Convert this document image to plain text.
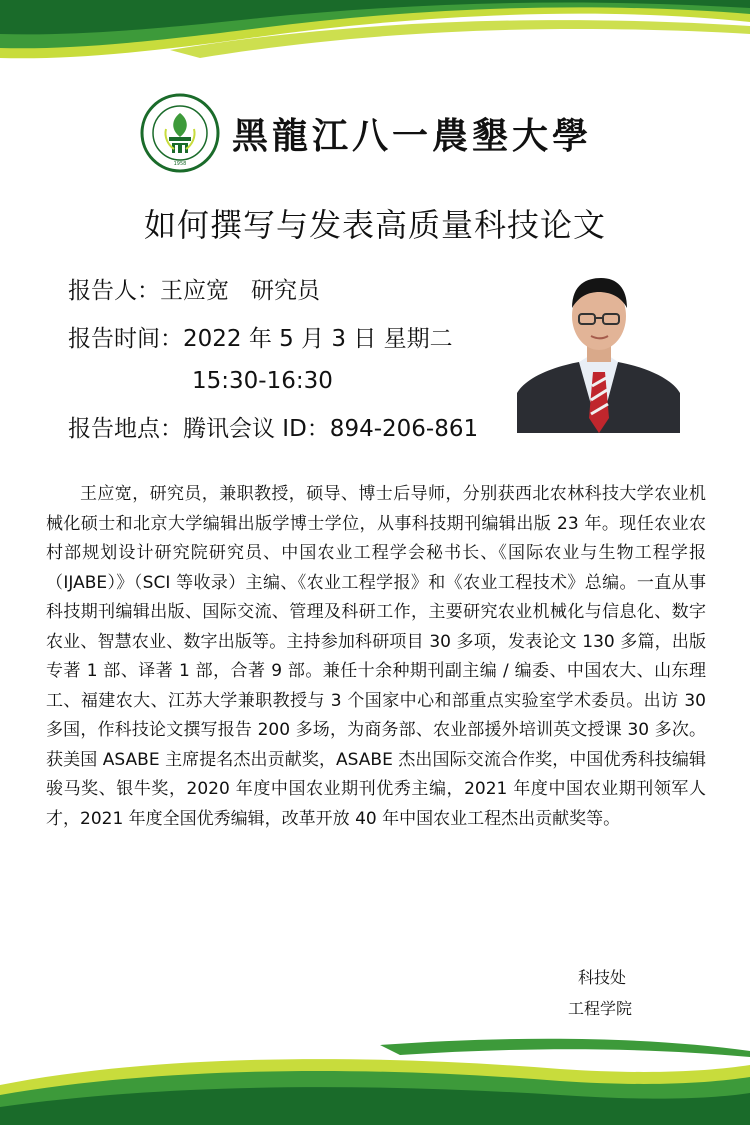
1958
黑龍江八一農墾大學
如何撰写与发表高质量科技论文
报告人：王应宽 研究员
报告时间：2022 年 5 月 3 日 星期二
15:30-16:30
报告地点：腾讯会议 ID：894-206-861

王应宽，研究员，兼职教授，硕导、博士后导师，分别获西北农林科技大学农业机械化硕士和北京大学编辑出版学博士学位，从事科技期刊编辑出版 23 年。现任农业农村部规划设计研究院研究员、中国农业工程学会秘书长、《国际农业与生物工程学报（IJABE）》（SCI 等收录）主编、《农业工程学报》和《农业工程技术》总编。一直从事科技期刊编辑出版、国际交流、管理及科研工作，主要研究农业机械化与信息化、数字农业、智慧农业、数字出版等。主持参加科研项目 30 多项，发表论文 130 多篇，出版专著 1 部、译著 1 部，合著 9 部。兼任十余种期刊副主编 / 编委、中国农大、山东理工、福建农大、江苏大学兼职教授与 3 个国家中心和部重点实验室学术委员。出访 30 多国，作科技论文撰写报告 200 多场，为商务部、农业部援外培训英文授课 30 多次。获美国 ASABE 主席提名杰出贡献奖，ASABE 杰出国际交流合作奖，中国优秀科技编辑骏马奖、银牛奖，2020 年度中国农业期刊优秀主编，2021 年度中国农业期刊领军人才，2021 年度全国优秀编辑，改革开放 40 年中国农业工程杰出贡献奖等。

科技处
工程学院
